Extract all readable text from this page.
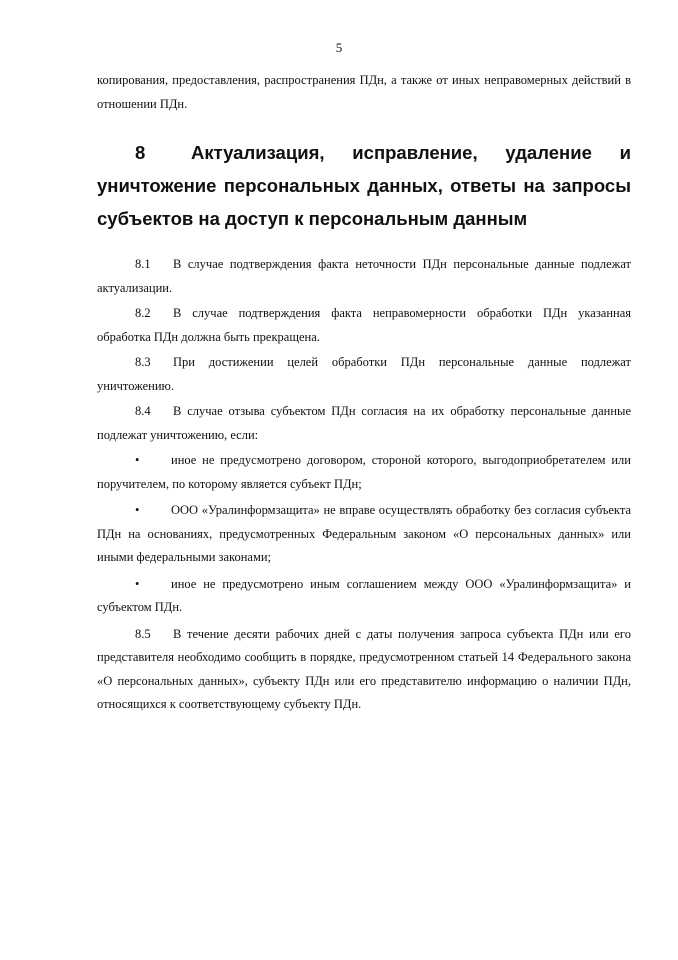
5

копирования, предоставления, распространения ПДн, а также от иных неправомерных действий в отношении ПДн.

8 Актуализация, исправление, удаление и уничтожение персональных данных, ответы на запросы субъектов на доступ к персональным данным

8.1 В случае подтверждения факта неточности ПДн персональные данные подлежат актуализации.

8.2 В случае подтверждения факта неправомерности обработки ПДн указанная обработка ПДн должна быть прекращена.

8.3 При достижении целей обработки ПДн персональные данные подлежат уничтожению.

8.4 В случае отзыва субъектом ПДн согласия на их обработку персональные данные подлежат уничтожению, если:

•	иное не предусмотрено договором, стороной которого, выгодоприобретателем или поручителем, по которому является субъект ПДн;

•	ООО «Уралинформзащита» не вправе осуществлять обработку без согласия субъекта ПДн на основаниях, предусмотренных Федеральным законом «О персональных данных» или иными федеральными законами;

•	иное не предусмотрено иным соглашением между ООО «Уралинформзащита» и субъектом ПДн.

8.5 В течение десяти рабочих дней с даты получения запроса субъекта ПДн или его представителя необходимо сообщить в порядке, предусмотренном статьей 14 Федерального закона «О персональных данных», субъекту ПДн или его представителю информацию о наличии ПДн, относящихся к соответствующему субъекту ПДн.
